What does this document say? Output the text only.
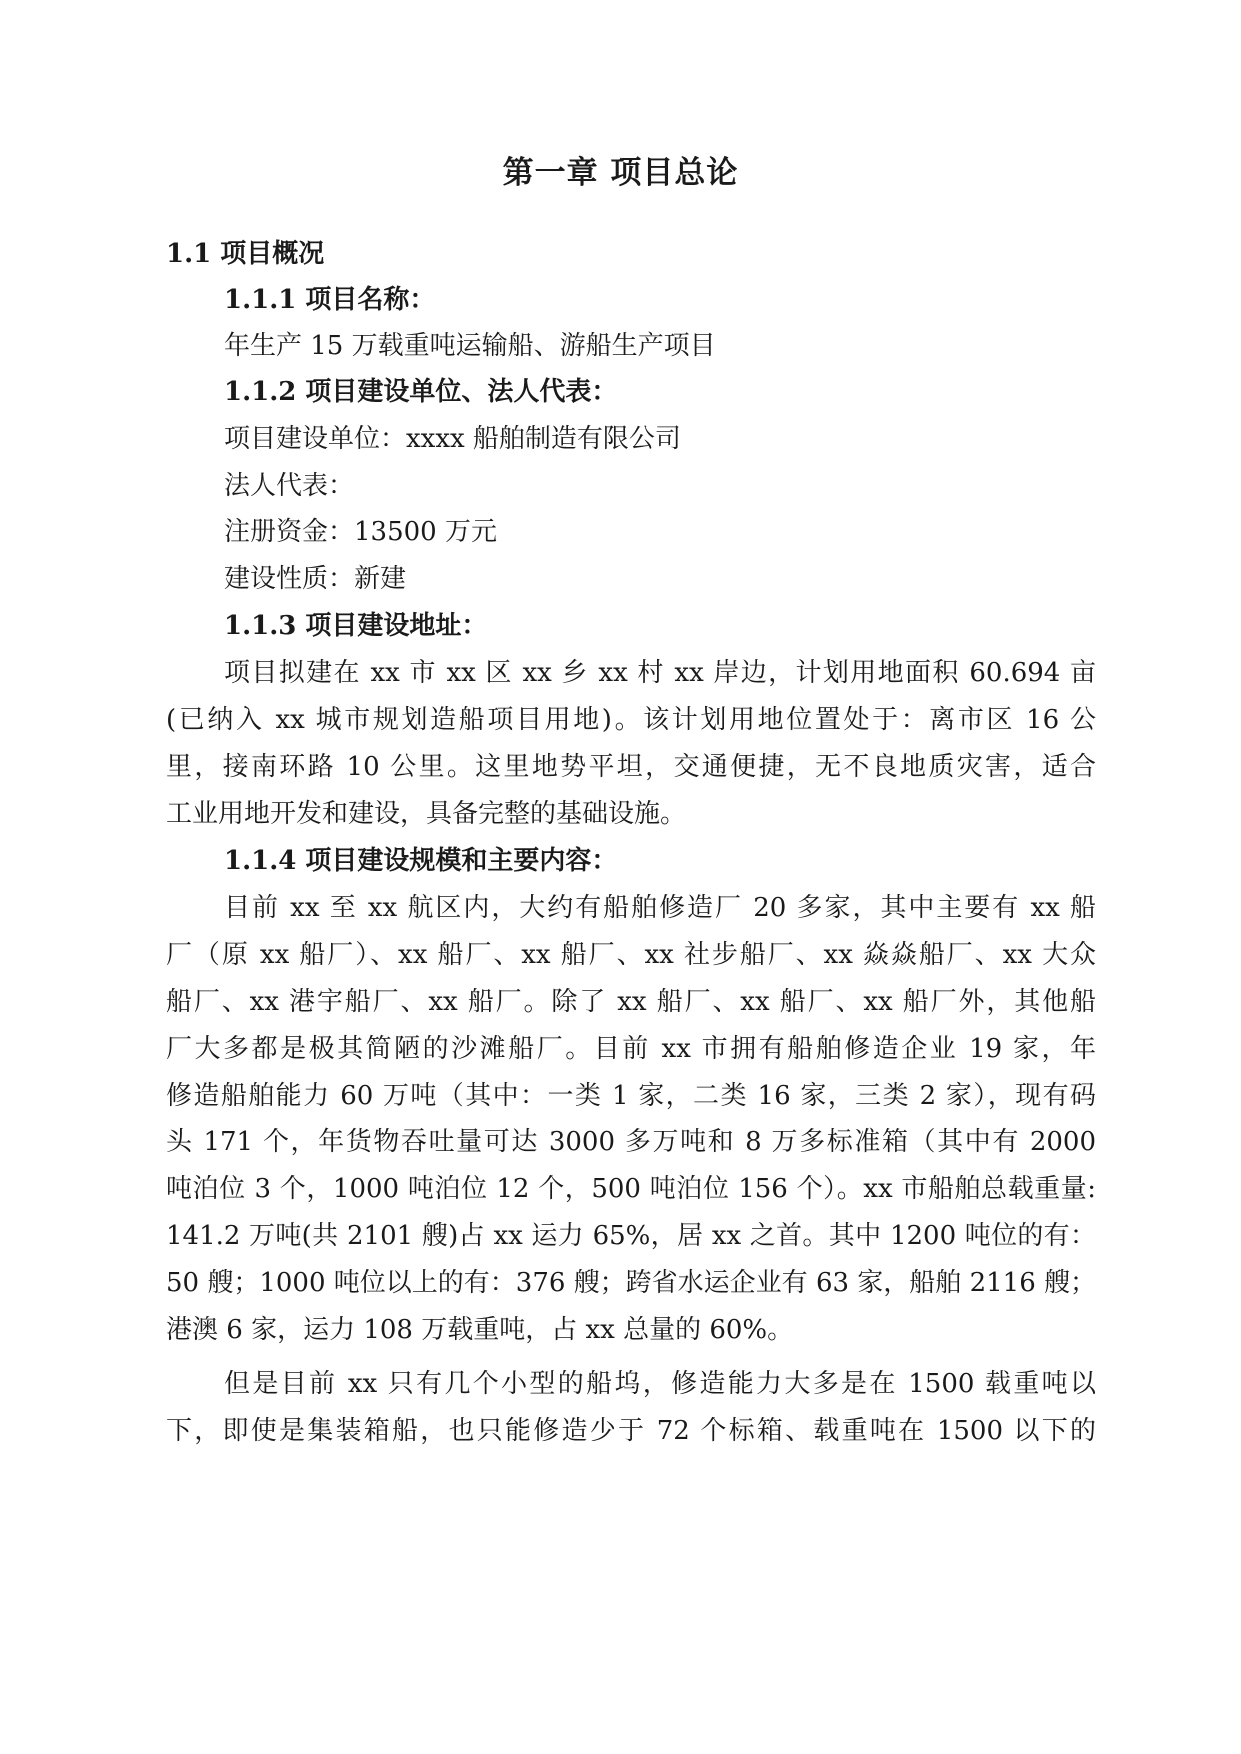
第一章 项目总论
1.1 项目概况
1.1.1 项目名称：
年生产 15 万载重吨运输船、游船生产项目
1.1.2 项目建设单位、法人代表：
项目建设单位：xxxx 船舶制造有限公司
法人代表：
注册资金：13500 万元
建设性质：新建
1.1.3 项目建设地址：
项目拟建在 xx 市 xx 区 xx 乡 xx 村 xx 岸边，计划用地面积 60.694 亩
(已纳入 xx 城市规划造船项目用地)。该计划用地位置处于：离市区 16 公
里，接南环路 10 公里。这里地势平坦，交通便捷，无不良地质灾害，适合
工业用地开发和建设，具备完整的基础设施。
1.1.4 项目建设规模和主要内容：
目前 xx 至 xx 航区内，大约有船舶修造厂 20 多家，其中主要有 xx 船
厂（原 xx 船厂）、xx 船厂、xx 船厂、xx 社步船厂、xx 焱焱船厂、xx 大众
船厂、xx 港宇船厂、xx 船厂。除了 xx 船厂、xx 船厂、xx 船厂外，其他船
厂大多都是极其简陋的沙滩船厂。目前 xx 市拥有船舶修造企业 19 家，年
修造船舶能力 60 万吨（其中：一类 1 家，二类 16 家，三类 2 家），现有码
头 171 个，年货物吞吐量可达 3000 多万吨和 8 万多标准箱（其中有 2000
吨泊位 3 个，1000 吨泊位 12 个，500 吨泊位 156 个）。xx 市船舶总载重量:
141.2 万吨(共 2101 艘)占 xx 运力 65%，居 xx 之首。其中 1200 吨位的有：
50 艘；1000 吨位以上的有：376 艘；跨省水运企业有 63 家，船舶 2116 艘；
港澳 6 家，运力 108 万载重吨，占 xx 总量的 60%。
但是目前 xx 只有几个小型的船坞，修造能力大多是在 1500 载重吨以
下，即使是集装箱船，也只能修造少于 72 个标箱、载重吨在 1500 以下的
